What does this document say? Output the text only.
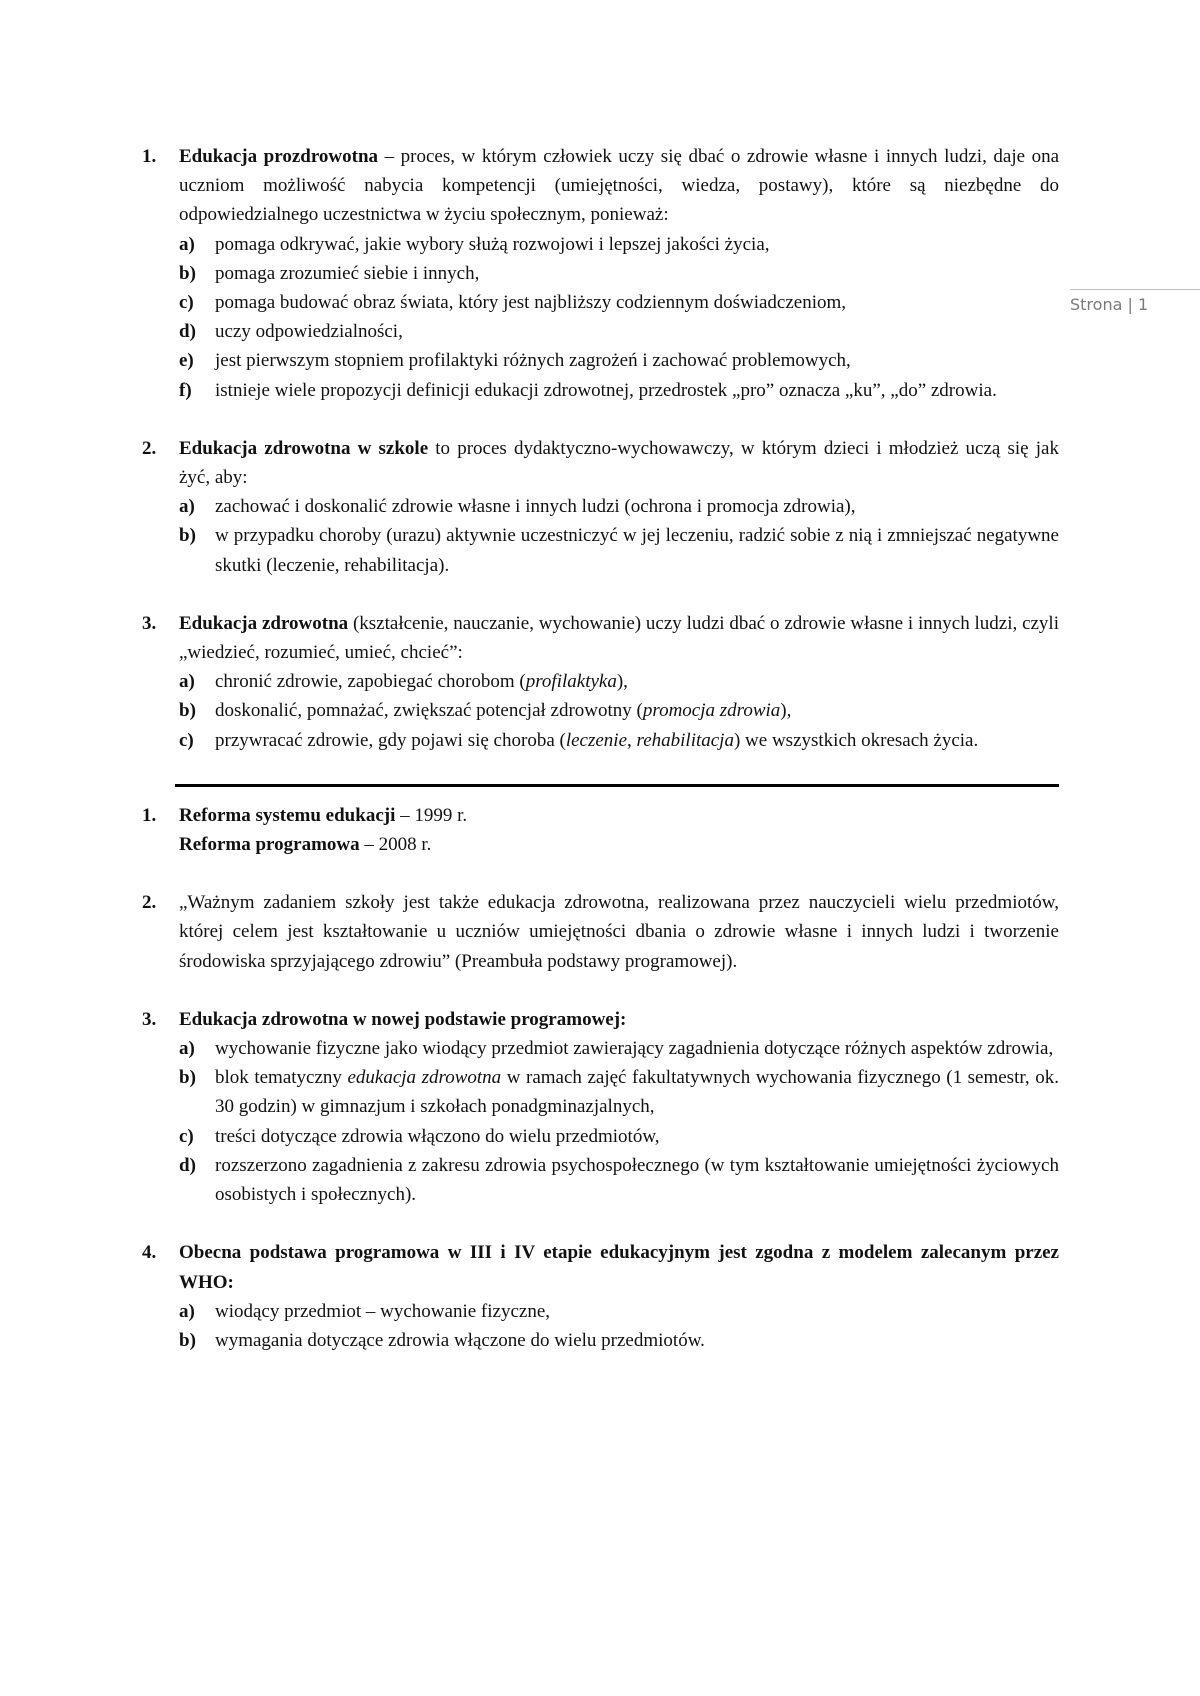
Strona | 1
1. Edukacja prozdrowotna – proces, w którym człowiek uczy się dbać o zdrowie własne i innych ludzi, daje ona uczniom możliwość nabycia kompetencji (umiejętności, wiedza, postawy), które są niezbędne do odpowiedzialnego uczestnictwa w życiu społecznym, ponieważ:
a) pomaga odkrywać, jakie wybory służą rozwojowi i lepszej jakości życia,
b) pomaga zrozumieć siebie i innych,
c) pomaga budować obraz świata, który jest najbliższy codziennym doświadczeniom,
d) uczy odpowiedzialności,
e) jest pierwszym stopniem profilaktyki różnych zagrożeń i zachować problemowych,
f) istnieje wiele propozycji definicji edukacji zdrowotnej, przedrostek „pro” oznacza „ku”, „do” zdrowia.
2. Edukacja zdrowotna w szkole to proces dydaktyczno-wychowawczy, w którym dzieci i młodzież uczą się jak żyć, aby:
a) zachować i doskonalić zdrowie własne i innych ludzi (ochrona i promocja zdrowia),
b) w przypadku choroby (urazu) aktywnie uczestniczyć w jej leczeniu, radzić sobie z nią i zmniejszać negatywne skutki (leczenie, rehabilitacja).
3. Edukacja zdrowotna (kształcenie, nauczanie, wychowanie) uczy ludzi dbać o zdrowie własne i innych ludzi, czyli „wiedzieć, rozumieć, umieć, chcieć”:
a) chronić zdrowie, zapobiegać chorobom (profilaktyka),
b) doskonalić, pomnażać, zwiększać potencjał zdrowotny (promocja zdrowia),
c) przywracać zdrowie, gdy pojawi się choroba (leczenie, rehabilitacja) we wszystkich okresach życia.
1. Reforma systemu edukacji – 1999 r.
Reforma programowa – 2008 r.
2. „Ważnym zadaniem szkoły jest także edukacja zdrowotna, realizowana przez nauczycieli wielu przedmiotów, której celem jest kształtowanie u uczniów umiejętności dbania o zdrowie własne i innych ludzi i tworzenie środowiska sprzyjającego zdrowiu” (Preambuła podstawy programowej).
3. Edukacja zdrowotna w nowej podstawie programowej:
a) wychowanie fizyczne jako wiodący przedmiot zawierający zagadnienia dotyczące różnych aspektów zdrowia,
b) blok tematyczny edukacja zdrowotna w ramach zajęć fakultatywnych wychowania fizycznego (1 semestr, ok. 30 godzin) w gimnazjum i szkołach ponadgminazjalnych,
c) treści dotyczące zdrowia włączono do wielu przedmiotów,
d) rozszerzono zagadnienia z zakresu zdrowia psychospołecznego (w tym kształtowanie umiejętności życiowych osobistych i społecznych).
4. Obecna podstawa programowa w III i IV etapie edukacyjnym jest zgodna z modelem zalecanym przez WHO:
a) wiodący przedmiot – wychowanie fizyczne,
b) wymagania dotyczące zdrowia włączone do wielu przedmiotów.
